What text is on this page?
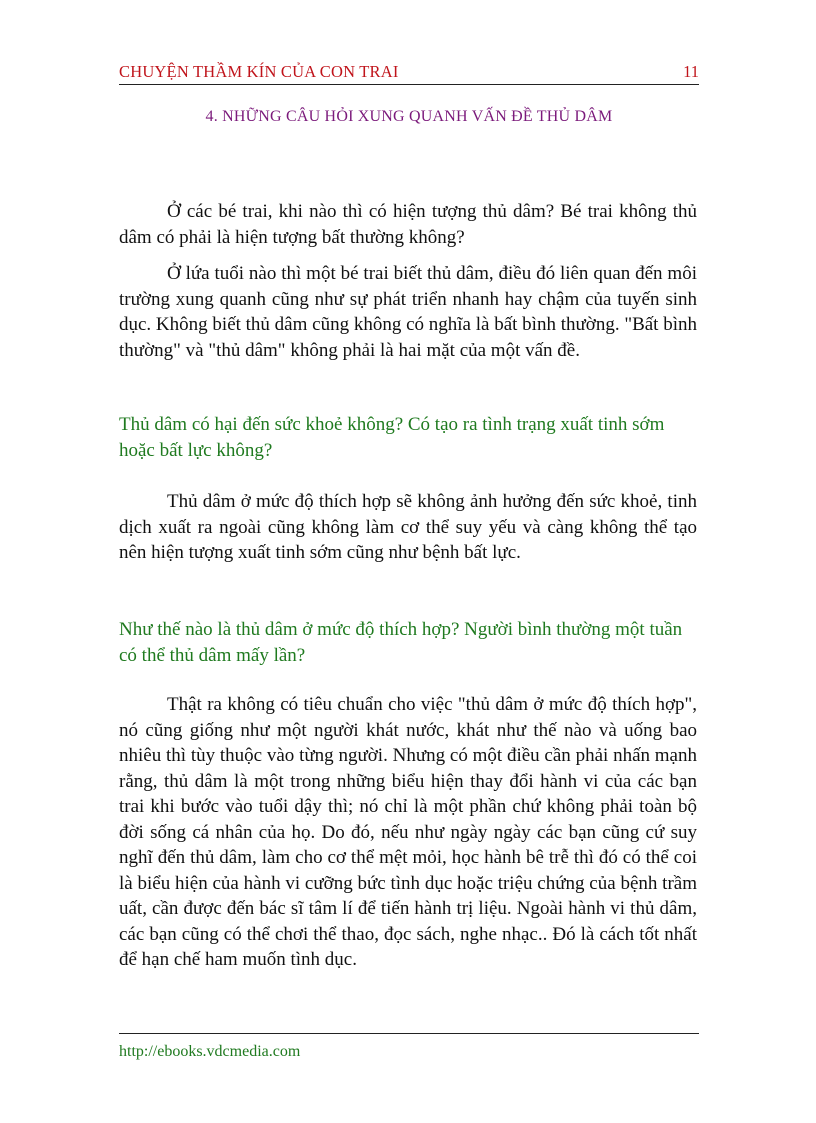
CHUYỆN THẦM KÍN CỦA CON TRAI	11
4. NHỮNG CÂU HỎI XUNG QUANH VẤN ĐỀ THỦ DÂM

Ở các bé trai, khi nào thì có hiện tượng thủ dâm? Bé trai không thủ dâm có phải là hiện tượng bất thường không?

Ở lứa tuổi nào thì một bé trai biết thủ dâm, điều đó liên quan đến môi trường xung quanh cũng như sự phát triển nhanh hay chậm của tuyến sinh dục. Không biết thủ dâm cũng không có nghĩa là bất bình thường. "Bất bình thường" và "thủ dâm" không phải là hai mặt của một vấn đề.

Thủ dâm có hại đến sức khoẻ không? Có tạo ra tình trạng xuất tinh sớm hoặc bất lực không?

Thủ dâm ở mức độ thích hợp sẽ không ảnh hưởng đến sức khoẻ, tinh dịch xuất ra ngoài cũng không làm cơ thể suy yếu và càng không thể tạo nên hiện tượng xuất tinh sớm cũng như bệnh bất lực.

Như thế nào là thủ dâm ở mức độ thích hợp? Người bình thường một tuần có thể thủ dâm mấy lần?

Thật ra không có tiêu chuẩn cho việc "thủ dâm ở mức độ thích hợp", nó cũng giống như một người khát nước, khát như thế nào và uống bao nhiêu thì tùy thuộc vào từng người. Nhưng có một điều cần phải nhấn mạnh rằng, thủ dâm là một trong những biểu hiện thay đổi hành vi của các bạn trai khi bước vào tuổi dậy thì; nó chỉ là một phần chứ không phải toàn bộ đời sống cá nhân của họ. Do đó, nếu như ngày ngày các bạn cũng cứ suy nghĩ đến thủ dâm, làm cho cơ thể mệt mỏi, học hành bê trễ thì đó có thể coi là biểu hiện của hành vi cưỡng bức tình dục hoặc triệu chứng của bệnh trầm uất, cần được đến bác sĩ tâm lí để tiến hành trị liệu. Ngoài hành vi thủ dâm, các bạn cũng có thể chơi thể thao, đọc sách, nghe nhạc.. Đó là cách tốt nhất để hạn chế ham muốn tình dục.

http://ebooks.vdcmedia.com
